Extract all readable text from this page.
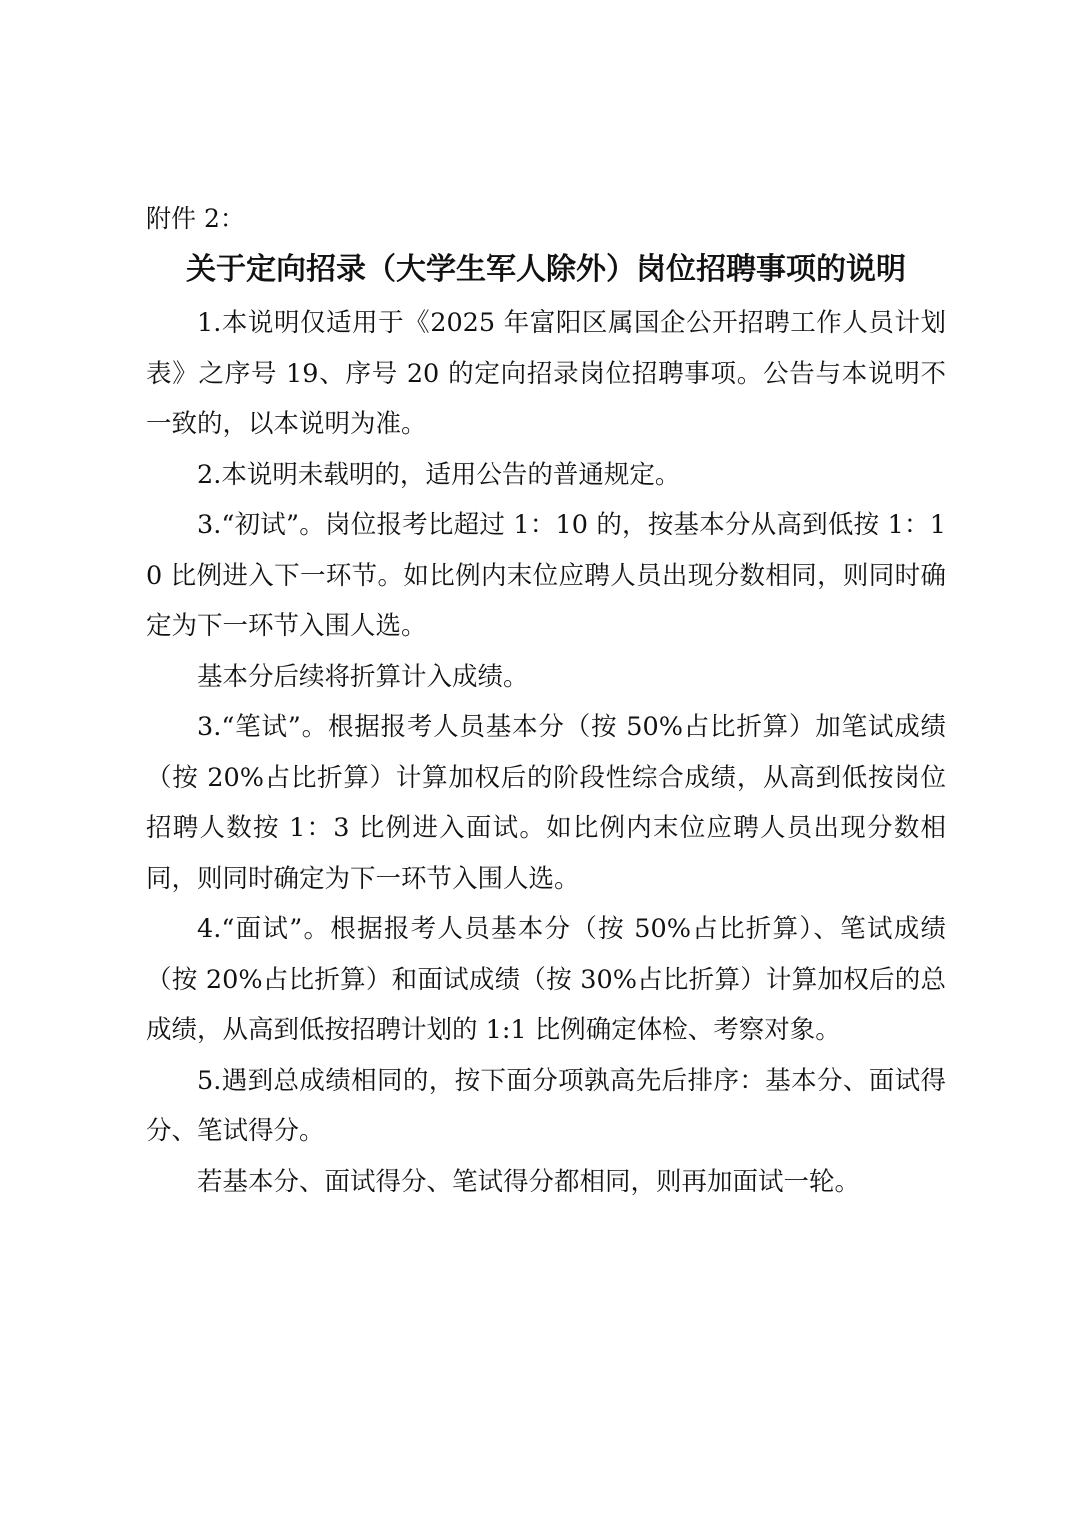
附件 2：

关于定向招录（大学生军人除外）岗位招聘事项的说明

1.本说明仅适用于《2025 年富阳区属国企公开招聘工作人员计划表》之序号 19、序号 20 的定向招录岗位招聘事项。公告与本说明不一致的，以本说明为准。

2.本说明未载明的，适用公告的普通规定。

3.“初试”。岗位报考比超过 1：10 的，按基本分从高到低按 1：10 比例进入下一环节。如比例内末位应聘人员出现分数相同，则同时确定为下一环节入围人选。

基本分后续将折算计入成绩。

3.“笔试”。根据报考人员基本分（按 50%占比折算）加笔试成绩（按 20%占比折算）计算加权后的阶段性综合成绩，从高到低按岗位招聘人数按 1：3 比例进入面试。如比例内末位应聘人员出现分数相同，则同时确定为下一环节入围人选。

4.“面试”。根据报考人员基本分（按 50%占比折算）、笔试成绩（按 20%占比折算）和面试成绩（按 30%占比折算）计算加权后的总成绩，从高到低按招聘计划的 1:1 比例确定体检、考察对象。

5.遇到总成绩相同的，按下面分项孰高先后排序：基本分、面试得分、笔试得分。

若基本分、面试得分、笔试得分都相同，则再加面试一轮。
